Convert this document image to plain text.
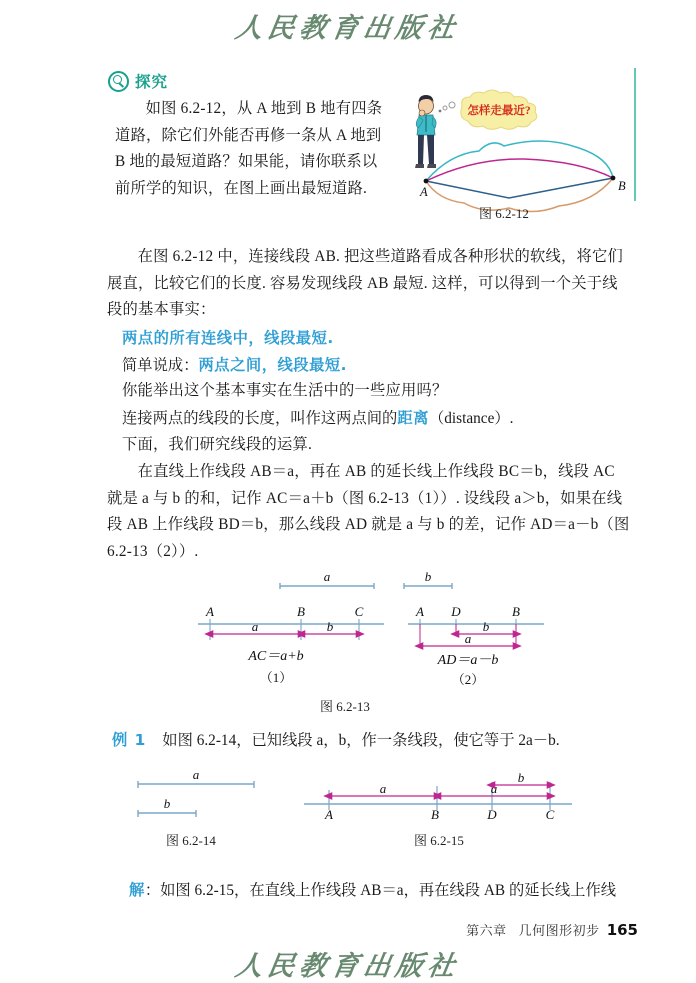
人民教育出版社
探究
如图 6.2-12，从 A 地到 B 地有四条
道路，除它们外能否再修一条从 A 地到
B 地的最短道路？如果能，请你联系以
前所学的知识，在图上画出最短道路.
怎样走最近?
A	B
图 6.2-12
在图 6.2-12 中，连接线段 AB. 把这些道路看成各种形状的软线，将它们
展直，比较它们的长度. 容易发现线段 AB 最短. 这样，可以得到一个关于线
段的基本事实：
两点的所有连线中，线段最短.
简单说成：两点之间，线段最短.
你能举出这个基本事实在生活中的一些应用吗？
连接两点的线段的长度，叫作这两点间的距离（distance）.
下面，我们研究线段的运算.
在直线上作线段 AB＝a，再在 AB 的延长线上作线段 BC＝b，线段 AC
就是 a 与 b 的和，记作 AC＝a＋b（图 6.2-13（1））. 设线段 a＞b，如果在线
段 AB 上作线段 BD＝b，那么线段 AD 就是 a 与 b 的差，记作 AD＝a－b（图
6.2-13（2））.
a
A	B	C
a	b
AC＝a+b
（1）
b
A D	B
b
a
AD＝a－b
（2）
图 6.2-13
例 1 如图 6.2-14，已知线段 a，b，作一条线段，使它等于 2a－b.
a
b
图 6.2-14
a	a
b
A	B	D	C
图 6.2-15
解：如图 6.2-15，在直线上作线段 AB＝a，再在线段 AB 的延长线上作线
第六章 几何图形初步 165
人民教育出版社
